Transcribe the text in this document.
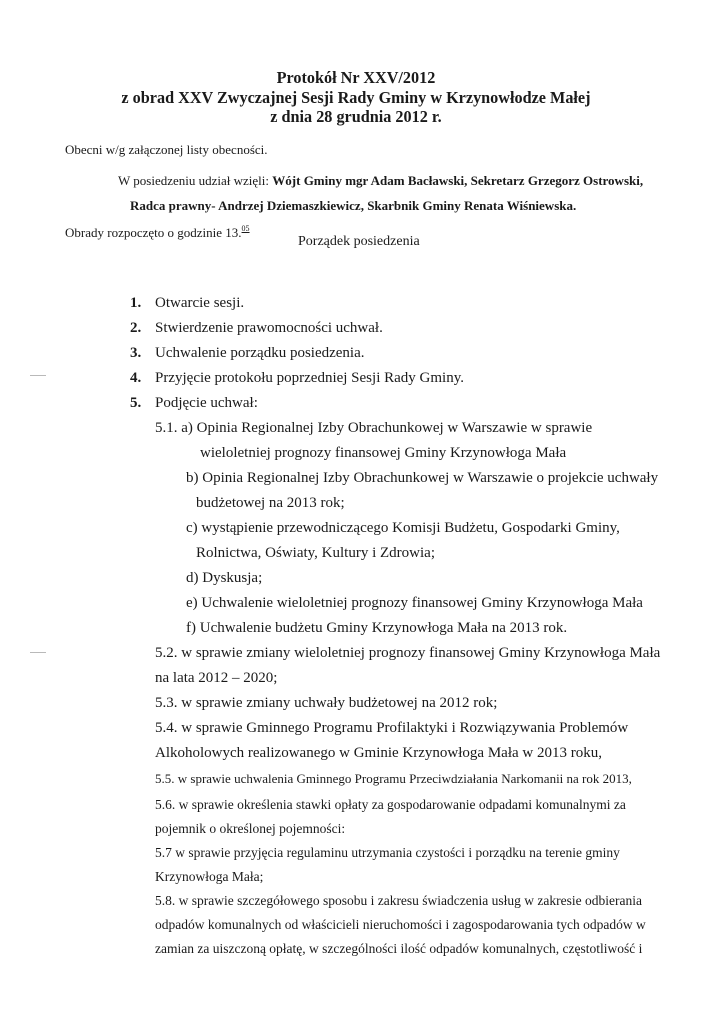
Protokół Nr XXV/2012
z obrad XXV Zwyczajnej Sesji Rady Gminy w Krzynowłodze Małej
z dnia 28 grudnia 2012 r.
Obecni w/g załączonej listy obecności.
W posiedzeniu udział wzięli: Wójt Gminy mgr Adam Bacławski, Sekretarz Grzegorz Ostrowski,
Radca prawny- Andrzej Dziemaszkiewicz, Skarbnik Gminy Renata Wiśniewska.
Obrady rozpoczęto o godzinie 13.05
Porządek posiedzenia
1. Otwarcie sesji.
2. Stwierdzenie prawomocności uchwał.
3. Uchwalenie porządku posiedzenia.
4. Przyjęcie protokołu poprzedniej Sesji Rady Gminy.
5. Podjęcie uchwał:
5.1. a) Opinia Regionalnej Izby Obrachunkowej w Warszawie w sprawie
wieloletniej prognozy finansowej Gminy Krzynowłoga Mała
b) Opinia Regionalnej Izby Obrachunkowej w Warszawie o projekcie uchwały
budżetowej na 2013 rok;
c) wystąpienie przewodniczącego Komisji Budżetu, Gospodarki Gminy,
Rolnictwa, Oświaty, Kultury i Zdrowia;
d) Dyskusja;
e) Uchwalenie wieloletniej prognozy finansowej Gminy Krzynowłoga Mała
f) Uchwalenie budżetu Gminy Krzynowłoga Mała na 2013 rok.
5.2. w sprawie zmiany wieloletniej prognozy finansowej Gminy Krzynowłoga Mała
na lata 2012 – 2020;
5.3. w sprawie zmiany uchwały budżetowej na 2012 rok;
5.4. w sprawie Gminnego Programu Profilaktyki i Rozwiązywania Problemów
Alkoholowych realizowanego w Gminie Krzynowłoga Mała w 2013 roku,
5.5. w sprawie uchwalenia Gminnego Programu Przeciwdziałania Narkomanii na rok 2013,
5.6. w sprawie określenia stawki opłaty za gospodarowanie odpadami komunalnymi za
pojemnik o określonej pojemności:
5.7 w sprawie przyjęcia regulaminu utrzymania czystości i porządku na terenie gminy
Krzynowłoga Mała;
5.8. w sprawie szczegółowego sposobu i zakresu świadczenia usług w zakresie odbierania
odpadów komunalnych od właścicieli nieruchomości i zagospodarowania tych odpadów w
zamian za uiszczoną opłatę, w szczególności ilość odpadów komunalnych, częstotliwość i
